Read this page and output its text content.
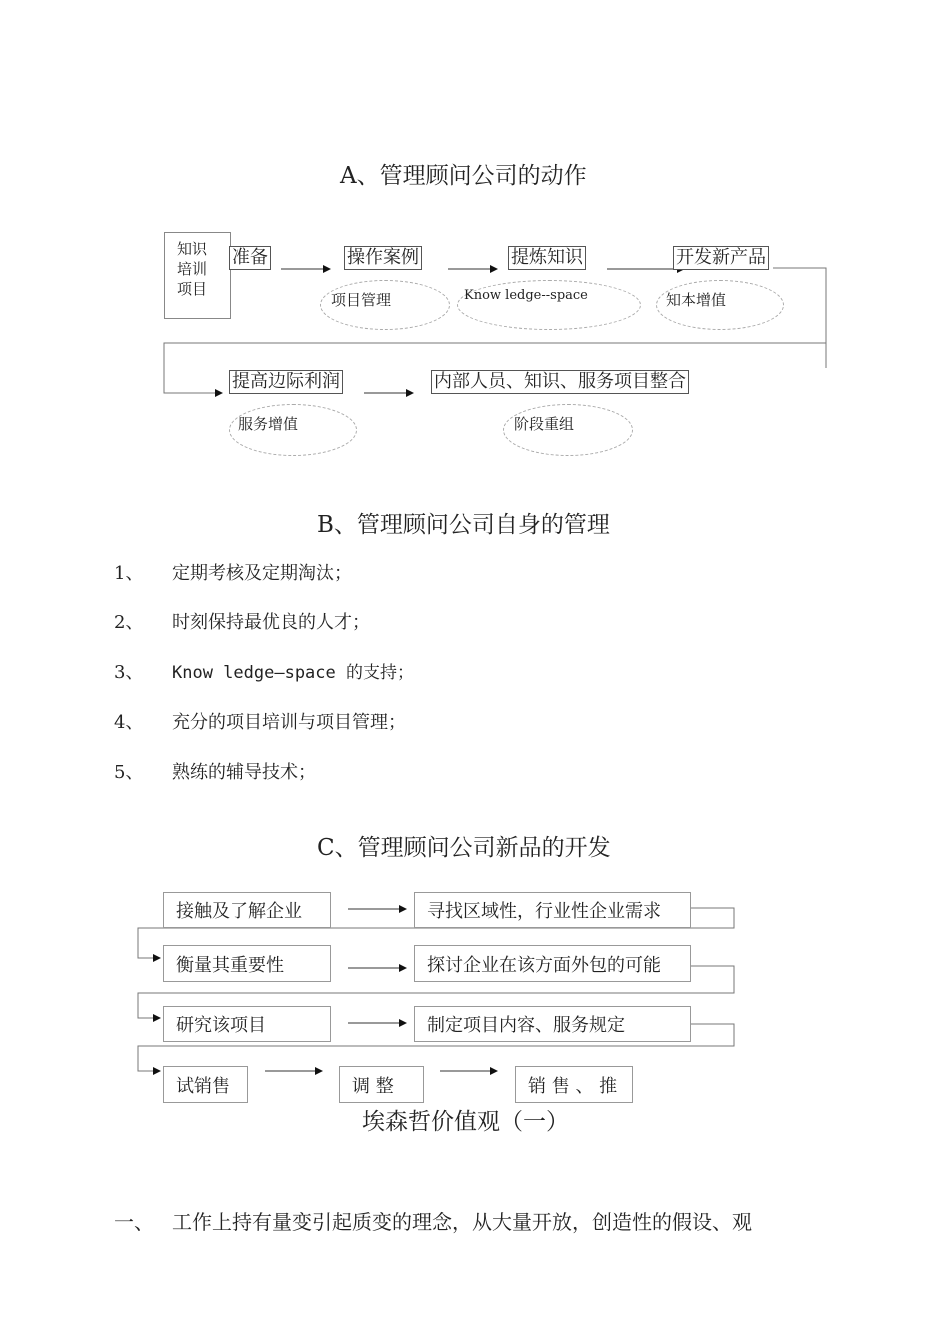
A、管理顾问公司的动作
知识
培训
项目
准备	操作案例	提炼知识	开发新产品
项目管理	Know ledge--space	知本增值
提高边际利润	内部人员、知识、服务项目整合
服务增值	阶段重组
B、管理顾问公司自身的管理
1、 定期考核及定期淘汰；
2、 时刻保持最优良的人才；
3、 Know ledge—space 的支持；
4、 充分的项目培训与项目管理；
5、 熟练的辅导技术；
C、管理顾问公司新品的开发
接触及了解企业	寻找区域性，行业性企业需求
衡量其重要性	探讨企业在该方面外包的可能
研究该项目	制定项目内容、服务规定
试销售	调 整	销 售 、 推
埃森哲价值观（一）
一、 工作上持有量变引起质变的理念，从大量开放，创造性的假设、观
